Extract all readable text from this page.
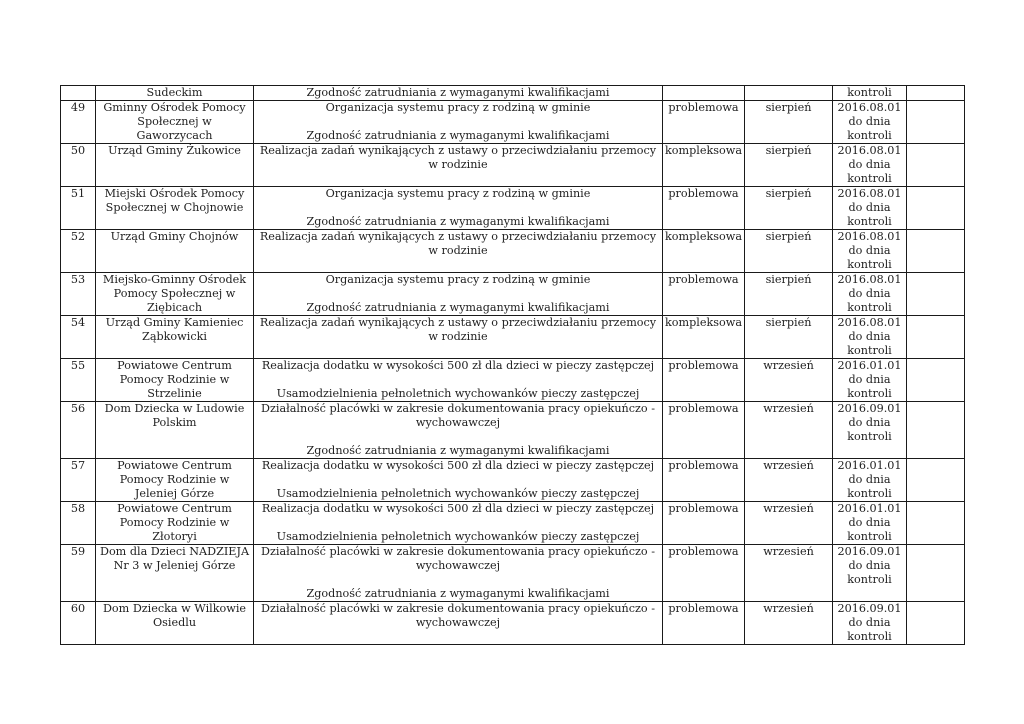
	Sudeckim	Zgodność zatrudniania z wymaganymi kwalifikacjami			kontroli	

49	Gminny Ośrodek Pomocy Społecznej w Gaworzycach	Organizacja systemu pracy z rodziną w gminie
Zgodność zatrudniania z wymaganymi kwalifikacjami	problemowa	sierpień	2016.08.01
do dnia
kontroli	

50	Urząd Gminy Żukowice	Realizacja zadań wynikających z ustawy o przeciwdziałaniu przemocy w rodzinie	kompleksowa	sierpień	2016.08.01
do dnia
kontroli	

51	Miejski Ośrodek Pomocy Społecznej w Chojnowie	Organizacja systemu pracy z rodziną w gminie
Zgodność zatrudniania z wymaganymi kwalifikacjami	problemowa	sierpień	2016.08.01
do dnia
kontroli	

52	Urząd Gminy Chojnów	Realizacja zadań wynikających z ustawy o przeciwdziałaniu przemocy w rodzinie	kompleksowa	sierpień	2016.08.01
do dnia
kontroli	

53	Miejsko-Gminny Ośrodek Pomocy Społecznej w Ziębicach	Organizacja systemu pracy z rodziną w gminie
Zgodność zatrudniania z wymaganymi kwalifikacjami	problemowa	sierpień	2016.08.01
do dnia
kontroli	

54	Urząd Gminy Kamieniec Ząbkowicki	Realizacja zadań wynikających z ustawy o przeciwdziałaniu przemocy w rodzinie	kompleksowa	sierpień	2016.08.01
do dnia
kontroli	

55	Powiatowe Centrum Pomocy Rodzinie w Strzelinie	Realizacja dodatku w wysokości 500 zł dla dzieci w pieczy zastępczej
Usamodzielnienia pełnoletnich wychowanków pieczy zastępczej	problemowa	wrzesień	2016.01.01
do dnia
kontroli	

56	Dom Dziecka w Ludowie Polskim	Działalność placówki w zakresie dokumentowania pracy opiekuńczo - wychowawczej
Zgodność zatrudniania z wymaganymi kwalifikacjami	problemowa	wrzesień	2016.09.01
do dnia
kontroli	

57	Powiatowe Centrum Pomocy Rodzinie w Jeleniej Górze	Realizacja dodatku w wysokości 500 zł dla dzieci w pieczy zastępczej
Usamodzielnienia pełnoletnich wychowanków pieczy zastępczej	problemowa	wrzesień	2016.01.01
do dnia
kontroli	

58	Powiatowe Centrum Pomocy Rodzinie w Złotoryi	Realizacja dodatku w wysokości 500 zł dla dzieci w pieczy zastępczej
Usamodzielnienia pełnoletnich wychowanków pieczy zastępczej	problemowa	wrzesień	2016.01.01
do dnia
kontroli	

59	Dom dla Dzieci NADZIEJA Nr 3 w Jeleniej Górze	Działalność placówki w zakresie dokumentowania pracy opiekuńczo - wychowawczej
Zgodność zatrudniania z wymaganymi kwalifikacjami	problemowa	wrzesień	2016.09.01
do dnia
kontroli	

60	Dom Dziecka w Wilkowie Osiedlu	Działalność placówki w zakresie dokumentowania pracy opiekuńczo - wychowawczej	problemowa	wrzesień	2016.09.01
do dnia
kontroli	
